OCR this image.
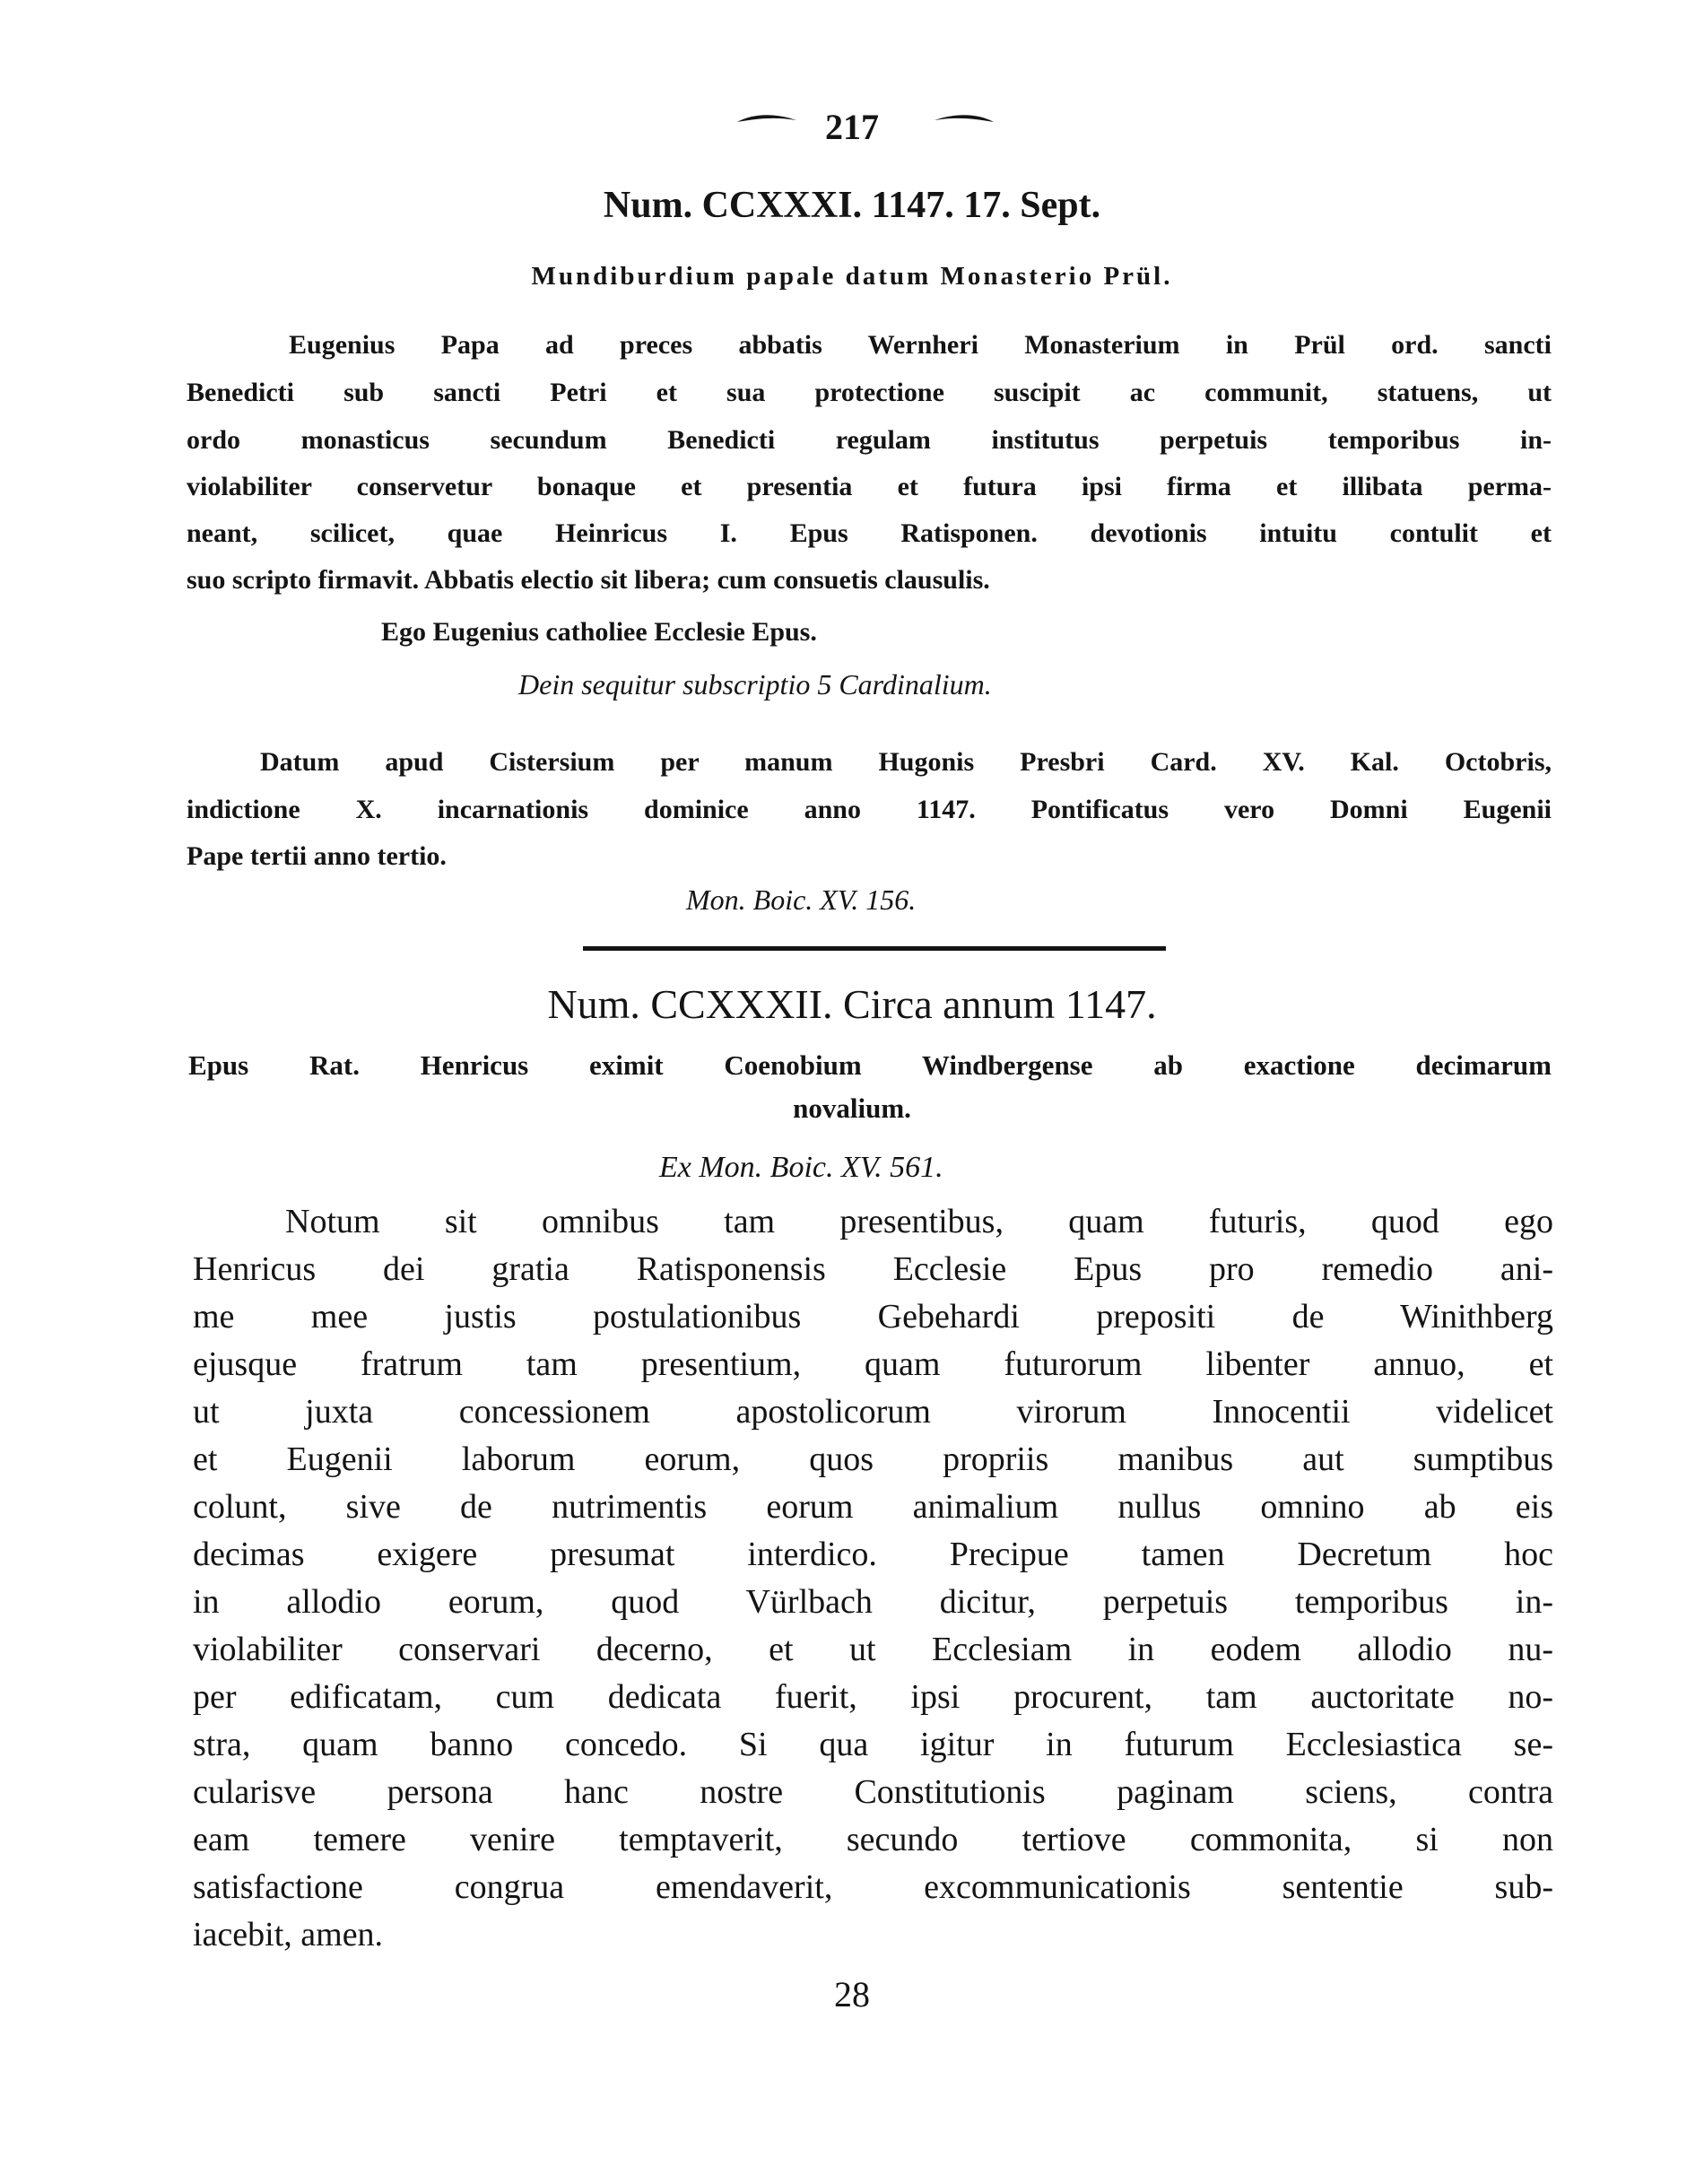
217
Num. CCXXXI. 1147. 17. Sept.
Mundiburdium papale datum Monasterio Prül.
Eugenius Papa ad preces abbatis Wernheri Monasterium in Prül ord. sancti
Benedicti sub sancti Petri et sua protectione suscipit ac communit, statuens, ut
ordo monasticus secundum Benedicti regulam institutus perpetuis temporibus in-
violabiliter conservetur bonaque et presentia et futura ipsi firma et illibata perma-
neant, scilicet, quae Heinricus I. Epus Ratisponen. devotionis intuitu contulit et
suo scripto firmavit. Abbatis electio sit libera; cum consuetis clausulis.
Ego Eugenius catholiee Ecclesie Epus.
Dein sequitur subscriptio 5 Cardinalium.
Datum apud Cistersium per manum Hugonis Presbri Card. XV. Kal. Octobris,
indictione X. incarnationis dominice anno 1147. Pontificatus vero Domni Eugenii
Pape tertii anno tertio.
Mon. Boic. XV. 156.
Num. CCXXXII. Circa annum 1147.
Epus Rat. Henricus eximit Coenobium Windbergense ab exactione decimarum
novalium.
Ex Mon. Boic. XV. 561.
Notum sit omnibus tam presentibus, quam futuris, quod ego
Henricus dei gratia Ratisponensis Ecclesie Epus pro remedio ani-
me mee justis postulationibus Gebehardi prepositi de Winithberg
ejusque fratrum tam presentium, quam futurorum libenter annuo, et
ut juxta concessionem apostolicorum virorum Innocentii videlicet
et Eugenii laborum eorum, quos propriis manibus aut sumptibus
colunt, sive de nutrimentis eorum animalium nullus omnino ab eis
decimas exigere presumat interdico. Precipue tamen Decretum hoc
in allodio eorum, quod Vürlbach dicitur, perpetuis temporibus in-
violabiliter conservari decerno, et ut Ecclesiam in eodem allodio nu-
per edificatam, cum dedicata fuerit, ipsi procurent, tam auctoritate no-
stra, quam banno concedo. Si qua igitur in futurum Ecclesiastica se-
cularisve persona hanc nostre Constitutionis paginam sciens, contra
eam temere venire temptaverit, secundo tertiove commonita, si non
satisfactione congrua emendaverit, excommunicationis sententie sub-
iacebit, amen.
28
